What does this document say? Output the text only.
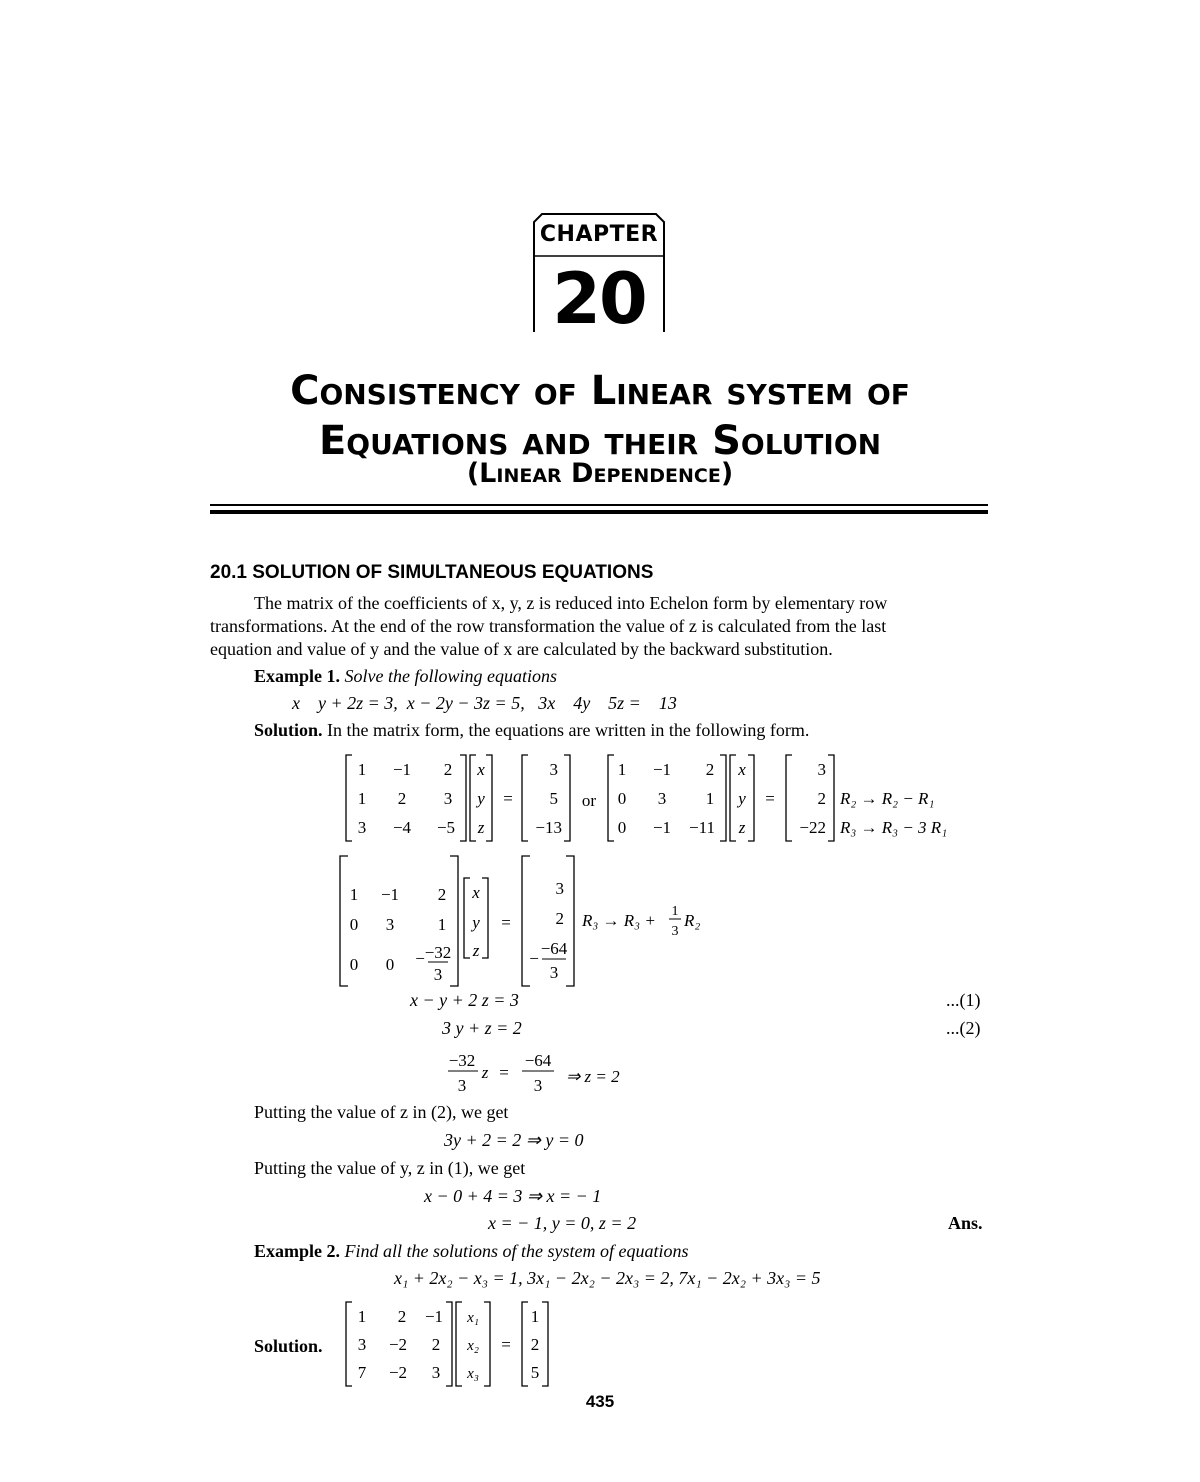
CHAPTER
20
Consistency of Linear system of
Equations and their Solution
(Linear Dependence)
20.1 SOLUTION OF SIMULTANEOUS EQUATIONS
The matrix of the coefficients of x, y, z is reduced into Echelon form by elementary row
transformations. At the end of the row transformation the value of z is calculated from the last
equation and value of y and the value of x are calculated by the backward substitution.
Example 1. Solve the following equations
x    y + 2z = 3,  x − 2y − 3z = 5,   3x    4y    5z =    13
Solution. In the matrix form, the equations are written in the following form.
1 −1 2
1 2 3
3 −4 −5
x
y
z
=
3
5
−13
or
1 −1 2
0 3 1
0 −1 −11
x
y
z
=
3
2
−22
R₂ → R₂ − R₁
R₃ → R₃ − 3 R₁
1 −1 2
0 3	1
0 0 − −32
3
x
y
z
=
3
2
−
−64
3
R₃ → R₃ + 1
3
R₂
x − y + 2 z = 3	...(1)
3 y + z = 2	...(2)
−32
3
z =
−64
3 ⇒ z = 2
Putting the value of z in (2), we get
3y + 2 = 2 ⇒ y = 0
Putting the value of y, z in (1), we get
x − 0 + 4 = 3 ⇒ x = − 1
x = − 1, y = 0, z = 2	Ans.
Example 2. Find all the solutions of the system of equations
x₁ + 2x₂ − x₃ = 1, 3x₁ − 2x₂ − 2x₃ = 2, 7x₁ − 2x₂ + 3x₃ = 5
Solution.
1 2 −1
3 −2 2
7 −2 3
x₁
x₂
x₃
=
1
2
5
435
